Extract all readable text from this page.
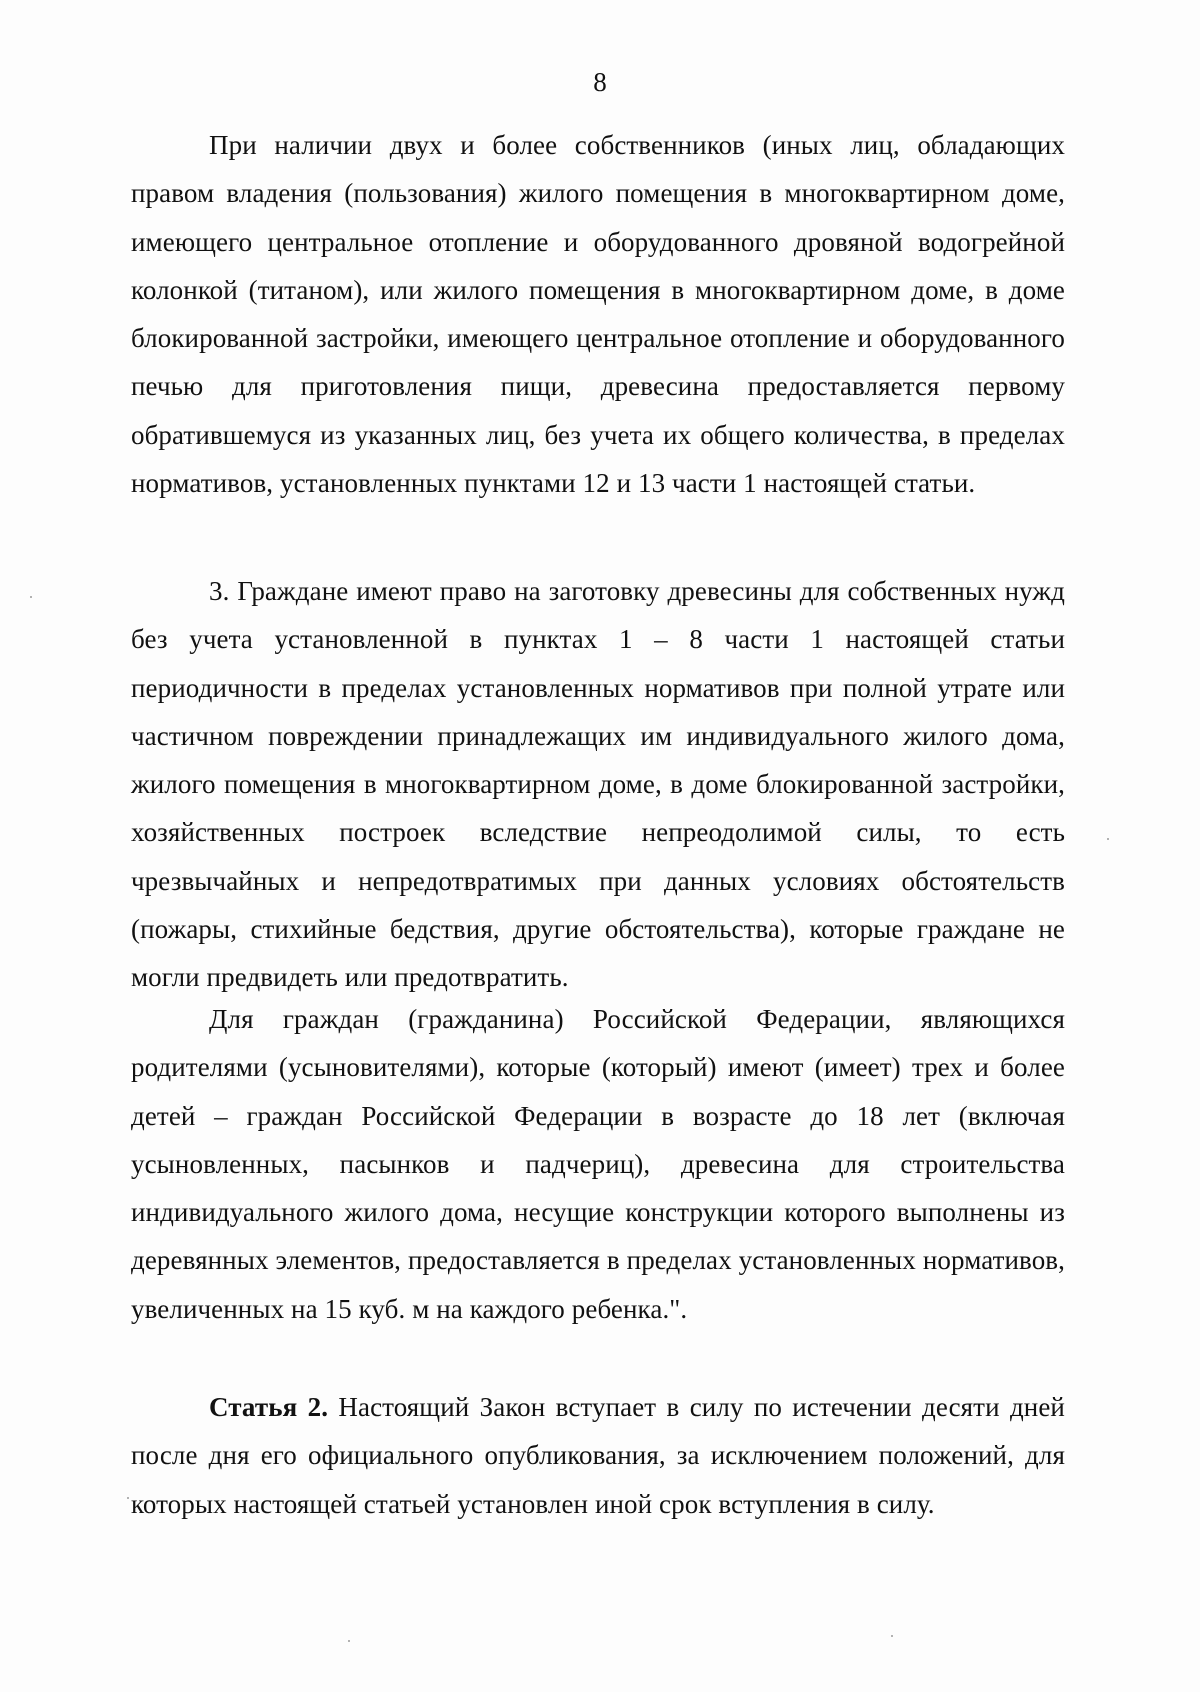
8

При наличии двух и более собственников (иных лиц, обладающих правом владения (пользования) жилого помещения в многоквартирном доме, имеющего центральное отопление и оборудованного дровяной водогрейной колонкой (титаном), или жилого помещения в многоквартирном доме, в доме блокированной застройки, имеющего центральное отопление и оборудованного печью для приготовления пищи, древесина предоставляется первому обратившемуся из указанных лиц, без учета их общего количества, в пределах нормативов, установленных пунктами 12 и 13 части 1 настоящей статьи.

3. Граждане имеют право на заготовку древесины для собственных нужд без учета установленной в пунктах 1 – 8 части 1 настоящей статьи периодичности в пределах установленных нормативов при полной утрате или частичном повреждении принадлежащих им индивидуального жилого дома, жилого помещения в многоквартирном доме, в доме блокированной застройки, хозяйственных построек вследствие непреодолимой силы, то есть чрезвычайных и непредотвратимых при данных условиях обстоятельств (пожары, стихийные бедствия, другие обстоятельства), которые граждане не могли предвидеть или предотвратить.

Для граждан (гражданина) Российской Федерации, являющихся родителями (усыновителями), которые (который) имеют (имеет) трех и более детей – граждан Российской Федерации в возрасте до 18 лет (включая усыновленных, пасынков и падчериц), древесина для строительства индивидуального жилого дома, несущие конструкции которого выполнены из деревянных элементов, предоставляется в пределах установленных нормативов, увеличенных на 15 куб. м на каждого ребенка.".

Статья 2. Настоящий Закон вступает в силу по истечении десяти дней после дня его официального опубликования, за исключением положений, для которых настоящей статьей установлен иной срок вступления в силу.
